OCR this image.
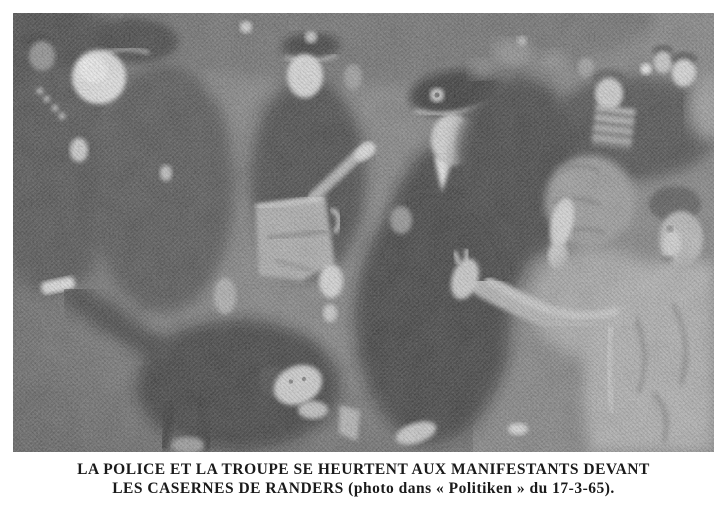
LA POLICE ET LA TROUPE SE HEURTENT AUX MANIFESTANTS DEVANT
LES CASERNES DE RANDERS (photo dans « Politiken » du 17-3-65).
